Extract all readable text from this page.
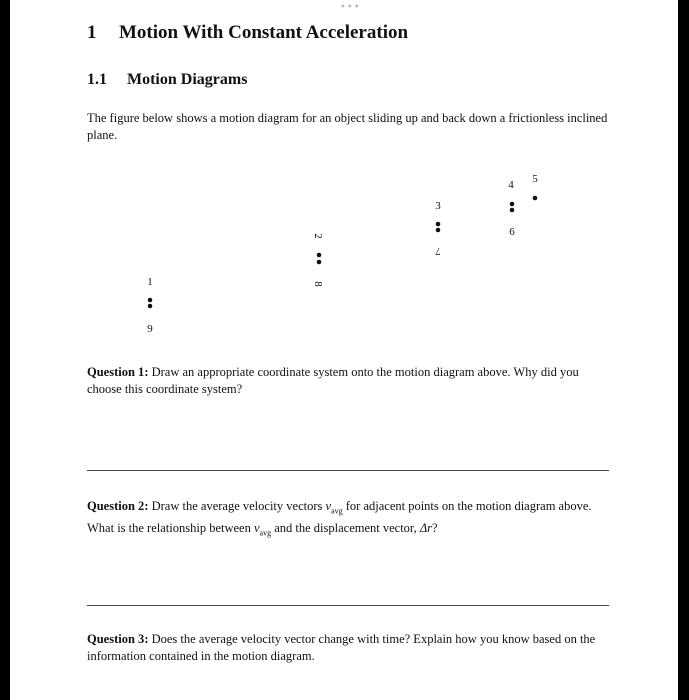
•••
1 Motion With Constant Acceleration
1.1 Motion Diagrams
The figure below shows a motion diagram for an object sliding up and back down a frictionless inclined plane.
1
9
2
8
3
7
4
6
5
Question 1: Draw an appropriate coordinate system onto the motion diagram above. Why did you choose this coordinate system?
Question 2: Draw the average velocity vectors $v_{avg}$ for adjacent points on the motion diagram above. What is the relationship between $v_{avg}$ and the displacement vector, Δr?
Question 3: Does the average velocity vector change with time? Explain how you know based on the information contained in the motion diagram.
